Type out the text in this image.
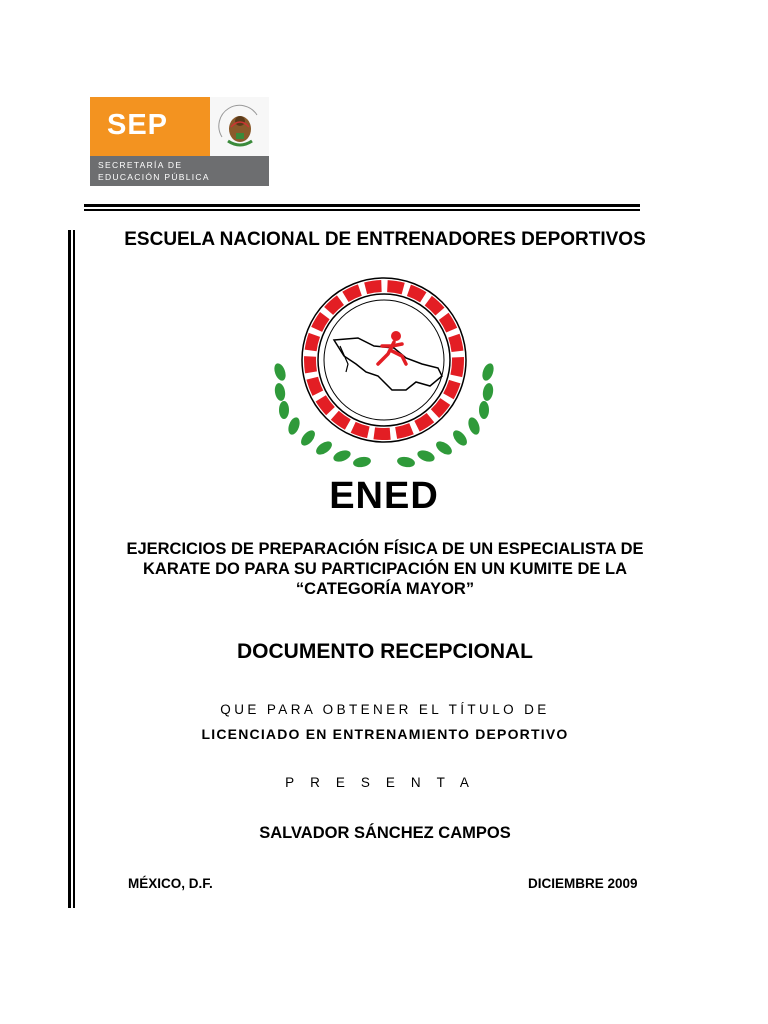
SEP
SECRETARÍA DE
EDUCACIÓN PÚBLICA
ESCUELA NACIONAL DE ENTRENADORES DEPORTIVOS
ENED
EJERCICIOS DE PREPARACIÓN FÍSICA DE UN ESPECIALISTA DE
KARATE DO PARA SU PARTICIPACIÓN EN UN KUMITE DE LA
“CATEGORÍA MAYOR”
DOCUMENTO RECEPCIONAL
QUE PARA OBTENER EL TÍTULO DE
LICENCIADO EN ENTRENAMIENTO DEPORTIVO
PRESENTA
SALVADOR SÁNCHEZ CAMPOS
MÉXICO, D.F.	DICIEMBRE 2009
